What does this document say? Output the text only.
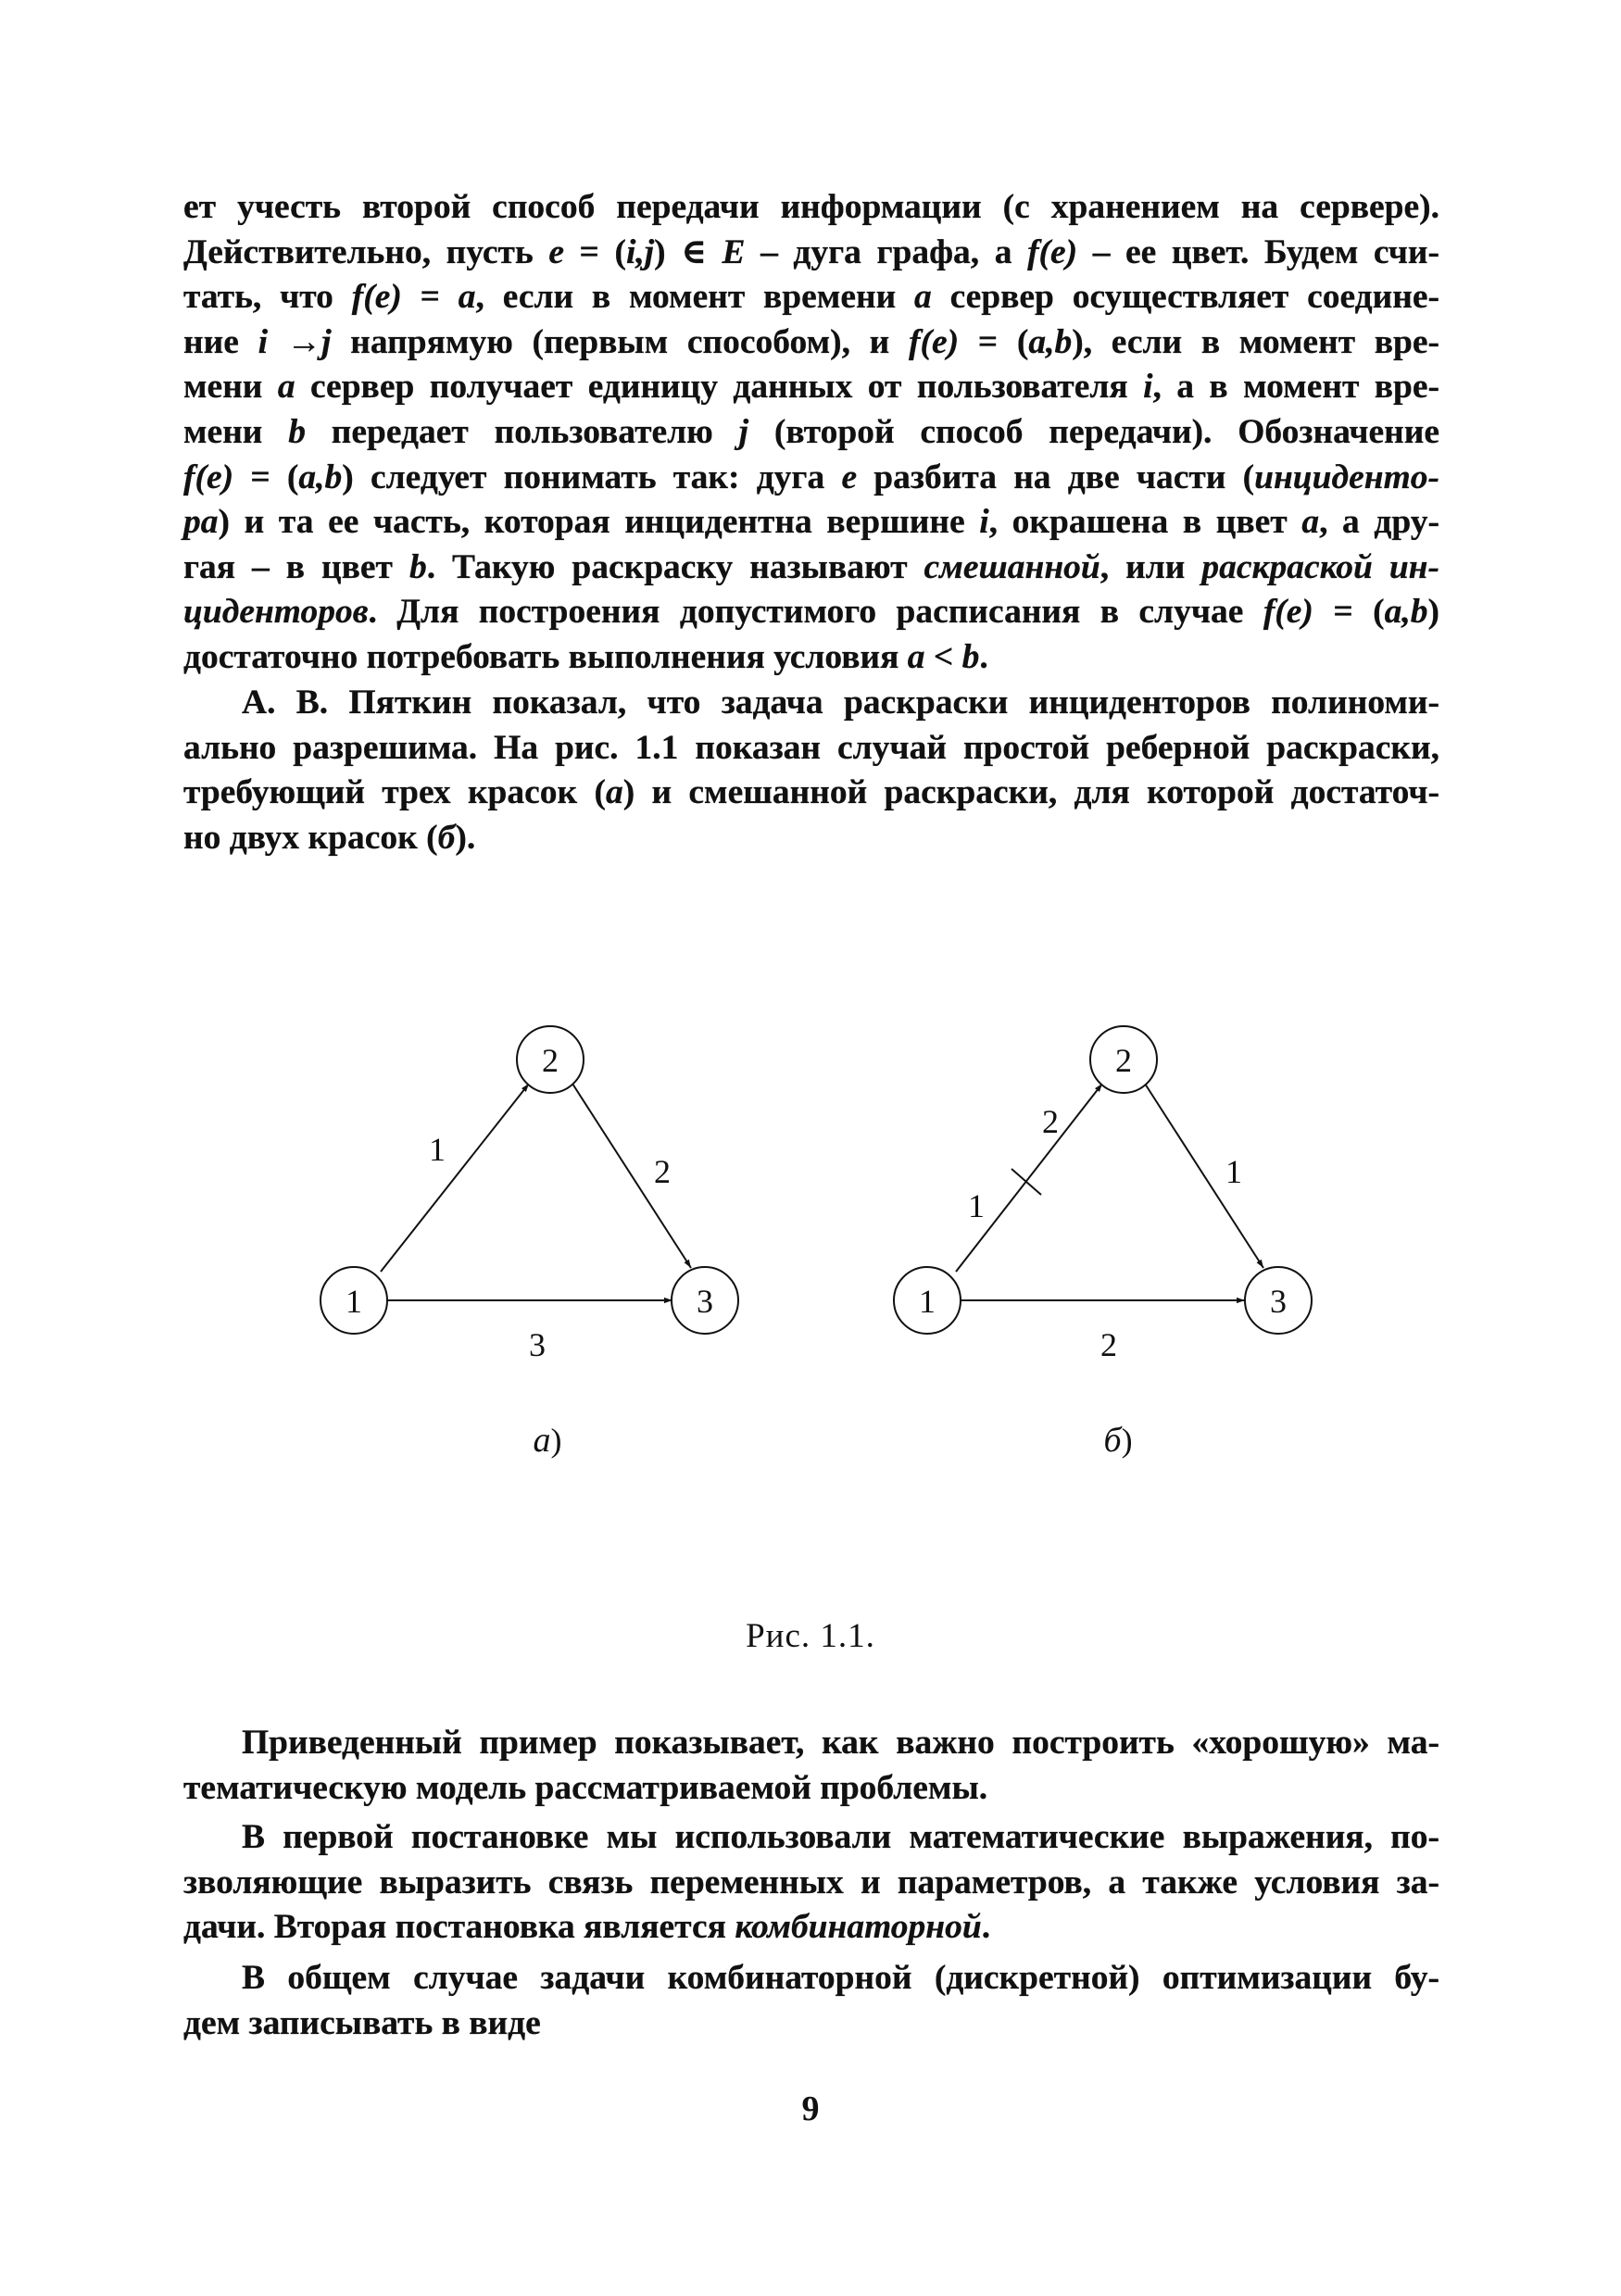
ет учесть второй способ передачи информации (с хранением на сервере).
Действительно, пусть e = (i,j) ∈ E – дуга графа, а f(e) – ее цвет. Будем счи-
тать, что f(e) = a, если в момент времени a сервер осуществляет соедине-
ние i →j напрямую (первым способом), и f(e) = (a,b), если в момент вре-
мени a сервер получает единицу данных от пользователя i, а в момент вре-
мени b передает пользователю j (второй способ передачи). Обозначение
f(e) = (a,b) следует понимать так: дуга e разбита на две части (инцидентo-
ра) и та ее часть, которая инцидентна вершине i, окрашена в цвет a, а дру-
гая – в цвет b. Такую раскраску называют смешанной, или раскраской ин-
циденторов. Для построения допустимого расписания в случае f(e) = (a,b)
достаточно потребовать выполнения условия a < b.

А. В. Пяткин показал, что задача раскраски инциденторов полиноми-
ально разрешима. На рис. 1.1 показан случай простой реберной раскраски,
требующий трех красок (а) и смешанной раскраски, для которой достаточ-
но двух красок (б).

1
2
3
1
2
3
а)
1
2
3
1
2
1
2
б)
Рис. 1.1.

Приведенный пример показывает, как важно построить «хорошую» ма-
тематическую модель рассматриваемой проблемы.

В первой постановке мы использовали математические выражения, по-
зволяющие выразить связь переменных и параметров, а также условия за-
дачи. Вторая постановка является комбинаторной.

В общем случае задачи комбинаторной (дискретной) оптимизации бу-
дем записывать в виде

9
